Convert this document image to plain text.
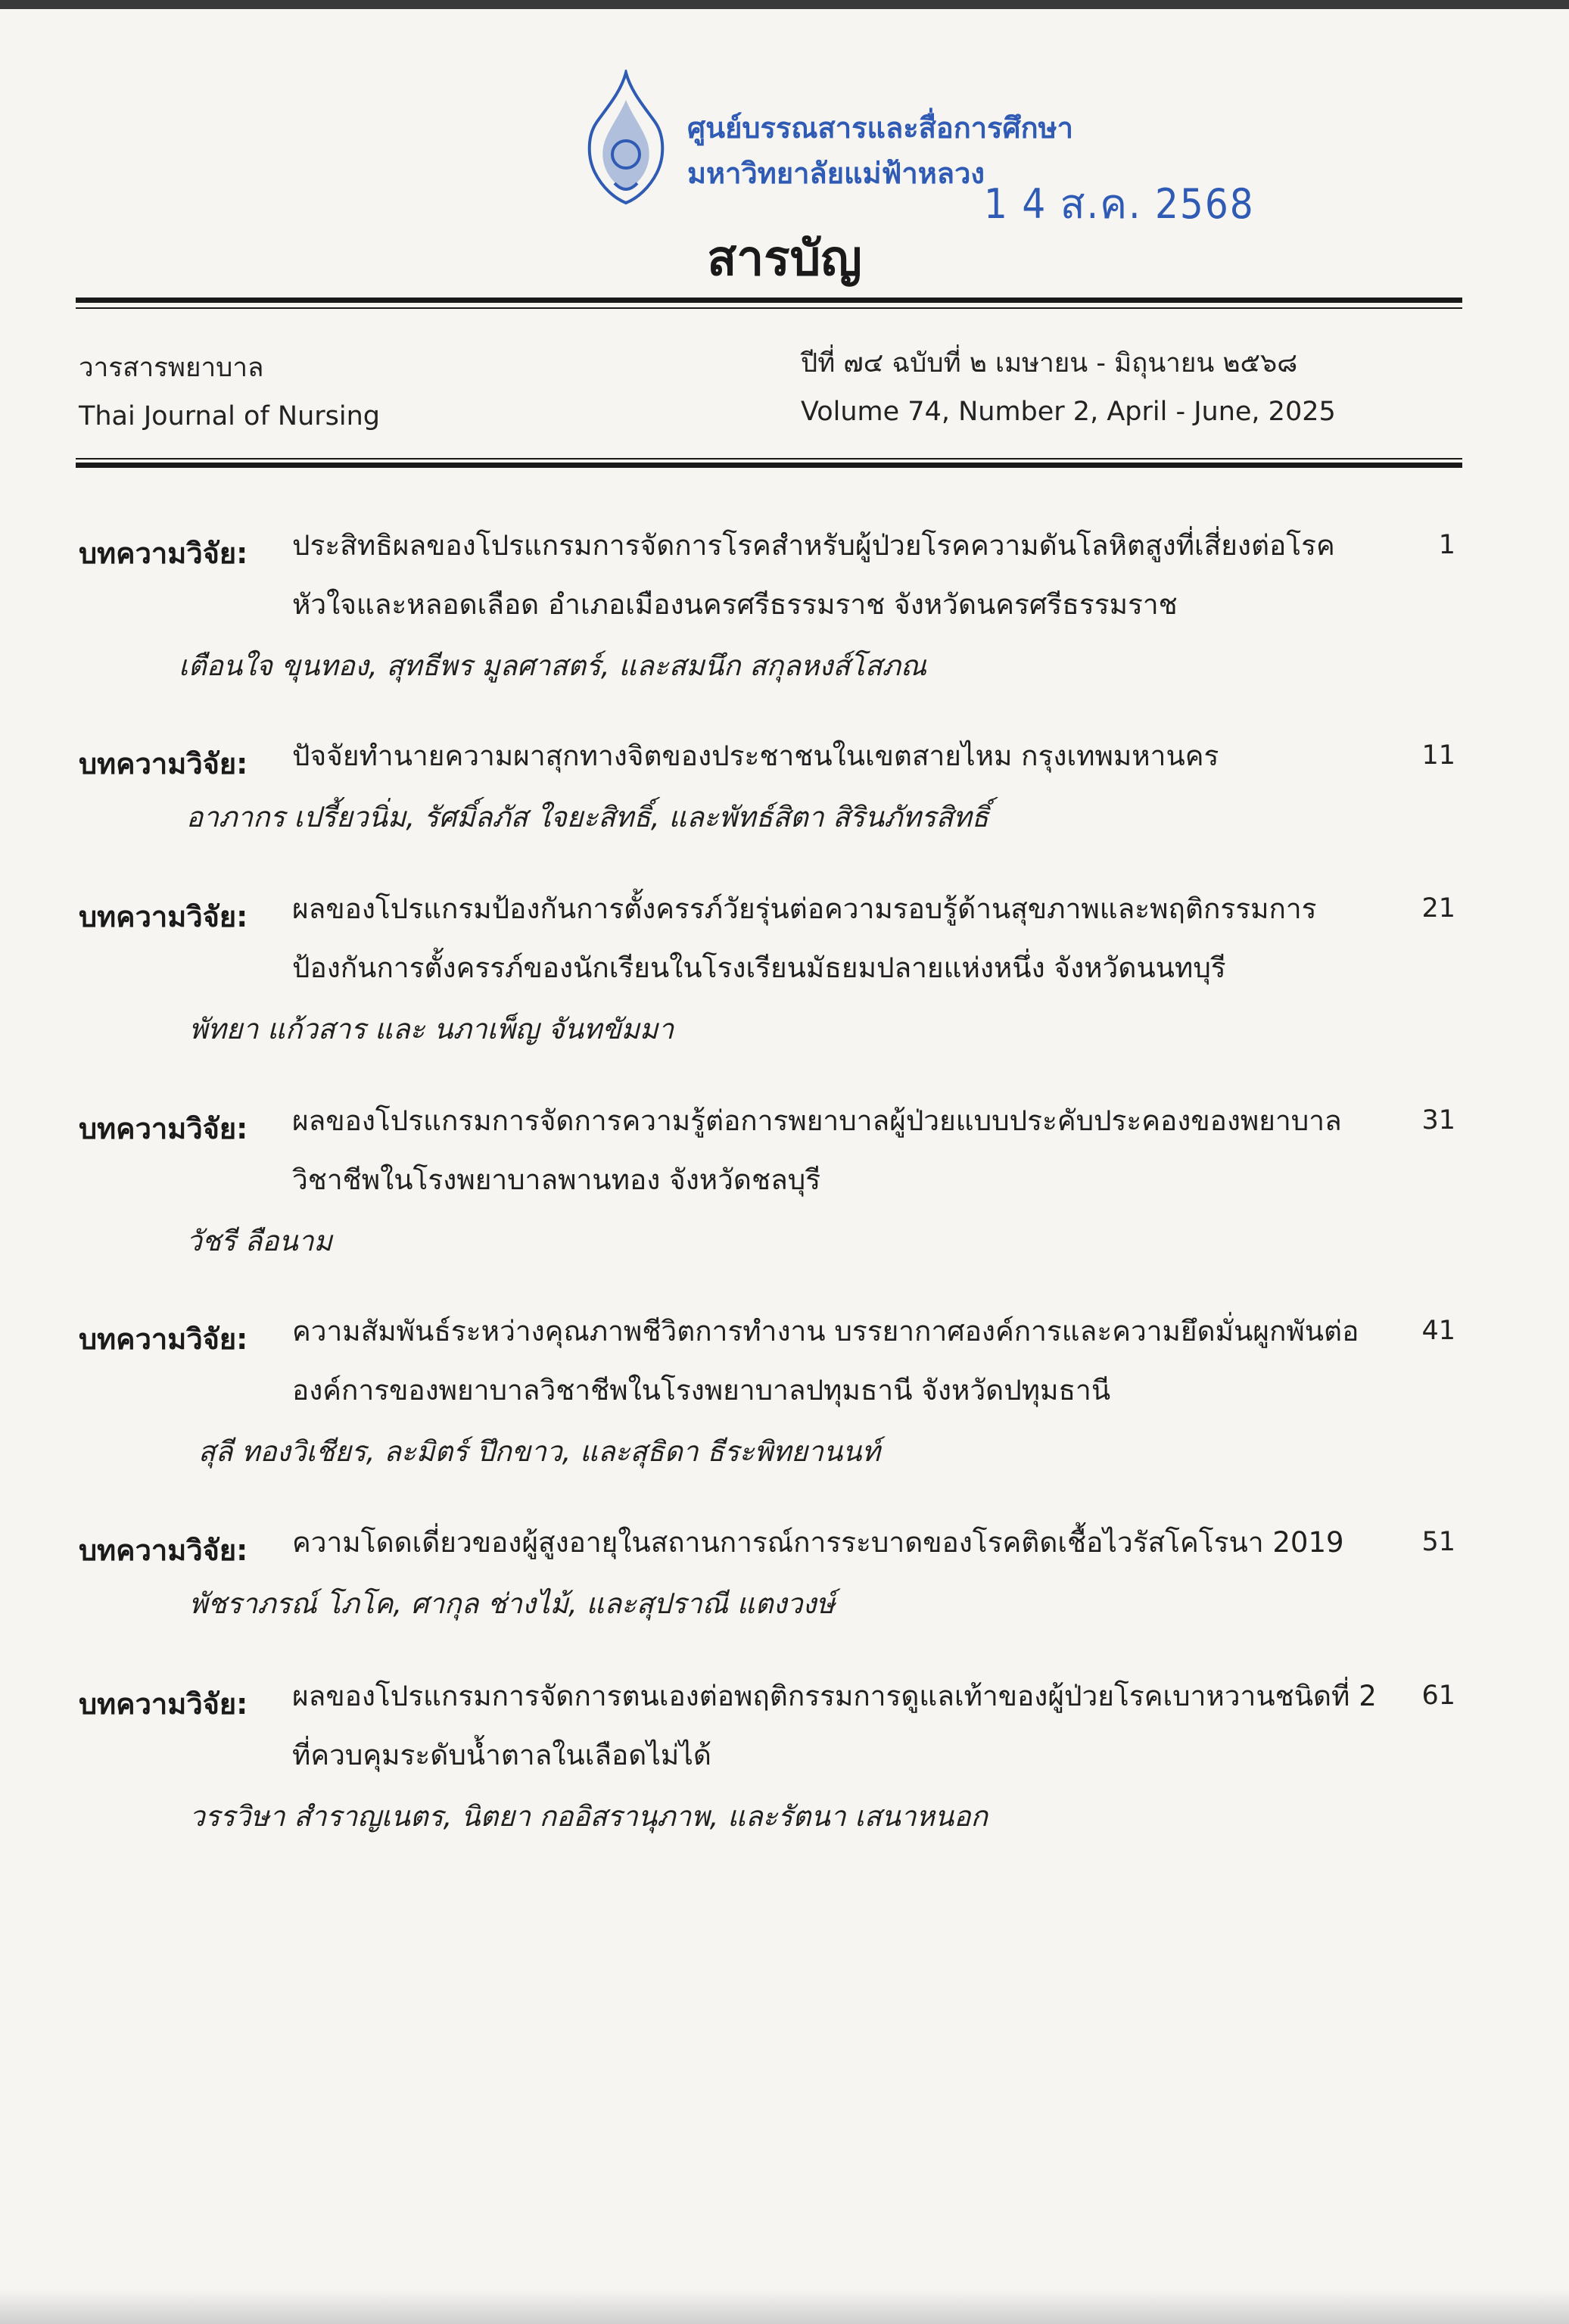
ศูนย์บรรณสารและสื่อการศึกษา
มหาวิทยาลัยแม่ฟ้าหลวง
1 4 ส.ค. 2568
สารบัญ
วารสารพยาบาล
Thai Journal of Nursing
ปีที่ ๗๔ ฉบับที่ ๒ เมษายน - มิถุนายน ๒๕๖๘
Volume 74, Number 2, April - June, 2025
บทความวิจัย: ประสิทธิผลของโปรแกรมการจัดการโรคสำหรับผู้ป่วยโรคความดันโลหิตสูงที่เสี่ยงต่อโรคหัวใจและหลอดเลือด อำเภอเมืองนครศรีธรรมราช จังหวัดนครศรีธรรมราช
เตือนใจ ขุนทอง, สุทธีพร มูลศาสตร์, และสมนึก สกุลหงส์โสภณ
1
บทความวิจัย: ปัจจัยทำนายความผาสุกทางจิตของประชาชนในเขตสายไหม กรุงเทพมหานคร
อาภากร เปรี้ยวนิ่ม, รัศมิ์ลภัส ใจยะสิทธิ์, และพัทธ์สิตา สิรินภัทรสิทธิ์
11
บทความวิจัย: ผลของโปรแกรมป้องกันการตั้งครรภ์วัยรุ่นต่อความรอบรู้ด้านสุขภาพและพฤติกรรมการป้องกันการตั้งครรภ์ของนักเรียนในโรงเรียนมัธยมปลายแห่งหนึ่ง จังหวัดนนทบุรี
พัทยา แก้วสาร และ นภาเพ็ญ จันทขัมมา
21
บทความวิจัย: ผลของโปรแกรมการจัดการความรู้ต่อการพยาบาลผู้ป่วยแบบประคับประคองของพยาบาลวิชาชีพในโรงพยาบาลพานทอง จังหวัดชลบุรี
วัชรี ลือนาม
31
บทความวิจัย: ความสัมพันธ์ระหว่างคุณภาพชีวิตการทำงาน บรรยากาศองค์การและความยึดมั่นผูกพันต่อองค์การของพยาบาลวิชาชีพในโรงพยาบาลปทุมธานี จังหวัดปทุมธานี
สุลี ทองวิเชียร, ละมิตร์ ปึกขาว, และสุธิดา ธีระพิทยานนท์
41
บทความวิจัย: ความโดดเดี่ยวของผู้สูงอายุในสถานการณ์การระบาดของโรคติดเชื้อไวรัสโคโรนา 2019
พัชราภรณ์ โภโค, ศากุล ช่างไม้, และสุปราณี แตงวงษ์
51
บทความวิจัย: ผลของโปรแกรมการจัดการตนเองต่อพฤติกรรมการดูแลเท้าของผู้ป่วยโรคเบาหวานชนิดที่ 2 ที่ควบคุมระดับน้ำตาลในเลือดไม่ได้
วรรวิษา สำราญเนตร, นิตยา กออิสรานุภาพ, และรัตนา เสนาหนอก
61
